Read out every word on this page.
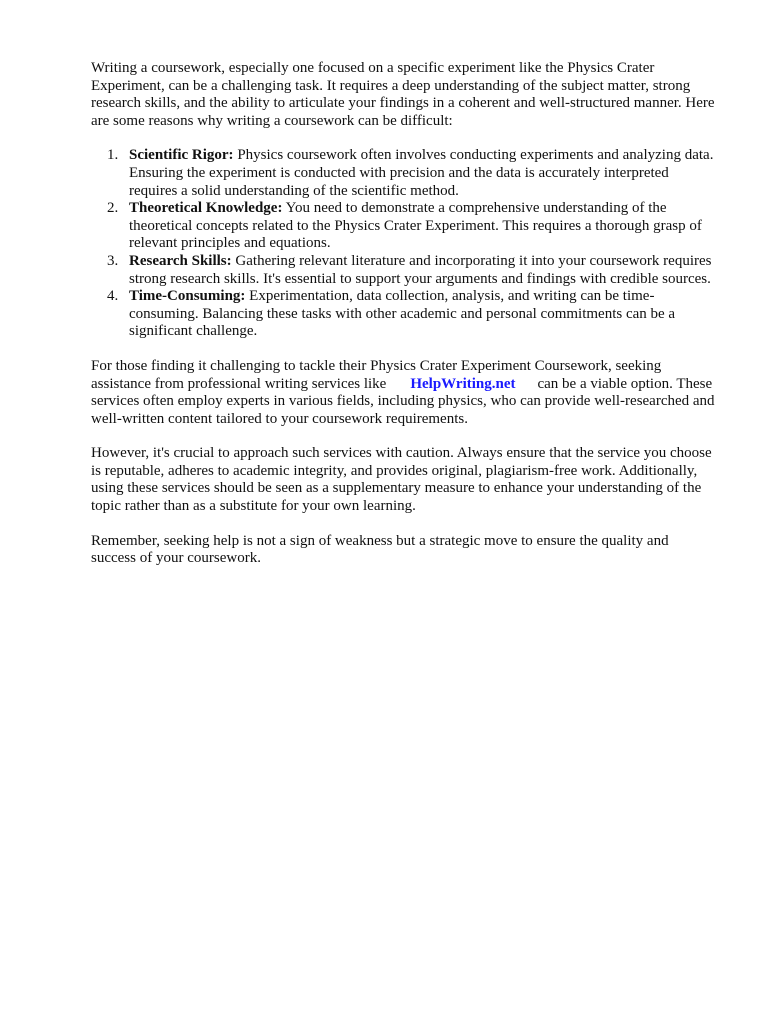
Writing a coursework, especially one focused on a specific experiment like the Physics Crater Experiment, can be a challenging task. It requires a deep understanding of the subject matter, strong research skills, and the ability to articulate your findings in a coherent and well-structured manner. Here are some reasons why writing a coursework can be difficult:

1. Scientific Rigor: Physics coursework often involves conducting experiments and analyzing data. Ensuring the experiment is conducted with precision and the data is accurately interpreted requires a solid understanding of the scientific method.
2. Theoretical Knowledge: You need to demonstrate a comprehensive understanding of the theoretical concepts related to the Physics Crater Experiment. This requires a thorough grasp of relevant principles and equations.
3. Research Skills: Gathering relevant literature and incorporating it into your coursework requires strong research skills. It's essential to support your arguments and findings with credible sources.
4. Time-Consuming: Experimentation, data collection, analysis, and writing can be time-consuming. Balancing these tasks with other academic and personal commitments can be a significant challenge.

For those finding it challenging to tackle their Physics Crater Experiment Coursework, seeking assistance from professional writing services like HelpWriting.net can be a viable option. These services often employ experts in various fields, including physics, who can provide well-researched and well-written content tailored to your coursework requirements.

However, it's crucial to approach such services with caution. Always ensure that the service you choose is reputable, adheres to academic integrity, and provides original, plagiarism-free work. Additionally, using these services should be seen as a supplementary measure to enhance your understanding of the topic rather than as a substitute for your own learning.

Remember, seeking help is not a sign of weakness but a strategic move to ensure the quality and success of your coursework.
